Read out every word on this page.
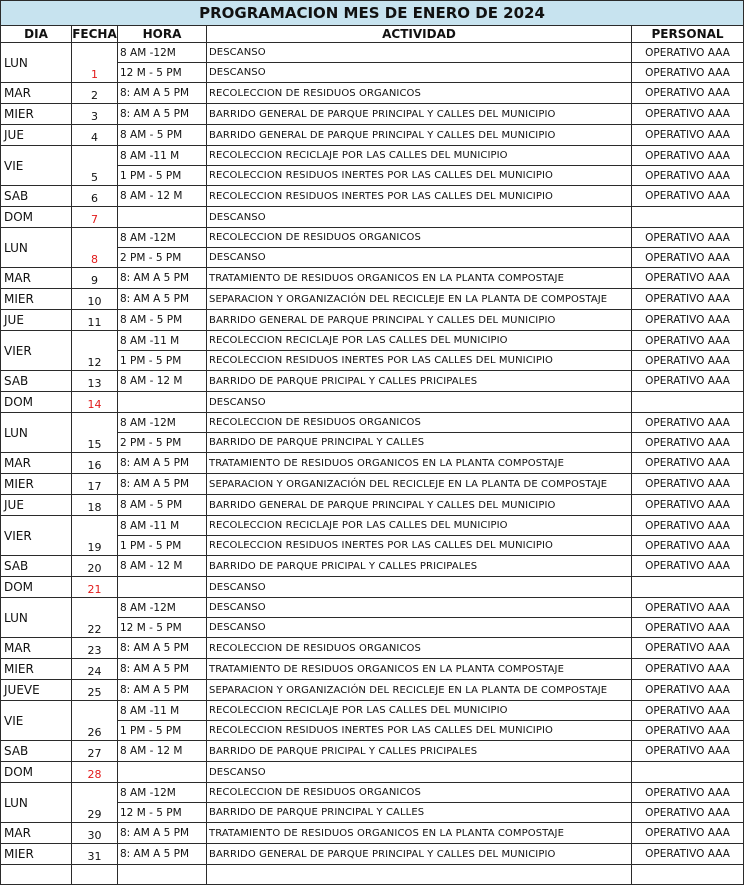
PROGRAMACION MES DE ENERO DE 2024				
DIA	FECHA	HORA	ACTIVIDAD	PERSONAL
LUN	1	8 AM -12M	DESCANSO	OPERATIVO AAA
		12 M - 5 PM	DESCANSO	OPERATIVO AAA
MAR	2	8: AM A 5 PM	RECOLECCION DE RESIDUOS ORGANICOS	OPERATIVO AAA
MIER	3	8: AM A 5 PM	BARRIDO GENERAL DE PARQUE PRINCIPAL Y CALLES DEL MUNICIPIO	OPERATIVO AAA
JUE	4	8 AM - 5 PM	BARRIDO GENERAL DE PARQUE PRINCIPAL Y CALLES DEL MUNICIPIO	OPERATIVO AAA
VIE	5	8 AM -11 M	RECOLECCION RECICLAJE POR LAS CALLES DEL MUNICIPIO	OPERATIVO AAA
		1 PM - 5 PM	RECOLECCION RESIDUOS INERTES POR LAS CALLES DEL MUNICIPIO	OPERATIVO AAA
SAB	6	8 AM - 12 M	RECOLECCION RESIDUOS INERTES POR LAS CALLES DEL MUNICIPIO	OPERATIVO AAA
DOM	7		DESCANSO	
LUN	8	8 AM -12M	RECOLECCION DE RESIDUOS ORGANICOS	OPERATIVO AAA
		2 PM - 5 PM	DESCANSO	OPERATIVO AAA
MAR	9	8: AM A 5 PM	TRATAMIENTO DE RESIDUOS ORGANICOS EN LA PLANTA COMPOSTAJE	OPERATIVO AAA
MIER	10	8: AM A 5 PM	SEPARACION Y ORGANIZACIÓN DEL RECICLEJE EN LA PLANTA DE COMPOSTAJE	OPERATIVO AAA
JUE	11	8 AM - 5 PM	BARRIDO GENERAL DE PARQUE PRINCIPAL Y CALLES DEL MUNICIPIO	OPERATIVO AAA
VIER	12	8 AM -11 M	RECOLECCION RECICLAJE POR LAS CALLES DEL MUNICIPIO	OPERATIVO AAA
		1 PM - 5 PM	RECOLECCION RESIDUOS INERTES POR LAS CALLES DEL MUNICIPIO	OPERATIVO AAA
SAB	13	8 AM - 12 M	BARRIDO DE PARQUE PRICIPAL Y CALLES PRICIPALES	OPERATIVO AAA
DOM	14		DESCANSO	
LUN	15	8 AM -12M	RECOLECCION DE RESIDUOS ORGANICOS	OPERATIVO AAA
		2 PM - 5 PM	BARRIDO DE PARQUE PRINCIPAL Y CALLES	OPERATIVO AAA
MAR	16	8: AM A 5 PM	TRATAMIENTO DE RESIDUOS ORGANICOS EN LA PLANTA COMPOSTAJE	OPERATIVO AAA
MIER	17	8: AM A 5 PM	SEPARACION Y ORGANIZACIÓN DEL RECICLEJE EN LA PLANTA DE COMPOSTAJE	OPERATIVO AAA
JUE	18	8 AM - 5 PM	BARRIDO GENERAL DE PARQUE PRINCIPAL Y CALLES DEL MUNICIPIO	OPERATIVO AAA
VIER	19	8 AM -11 M	RECOLECCION RECICLAJE POR LAS CALLES DEL MUNICIPIO	OPERATIVO AAA
		1 PM - 5 PM	RECOLECCION RESIDUOS INERTES POR LAS CALLES DEL MUNICIPIO	OPERATIVO AAA
SAB	20	8 AM - 12 M	BARRIDO DE PARQUE PRICIPAL Y CALLES PRICIPALES	OPERATIVO AAA
DOM	21		DESCANSO	
LUN	22	8 AM -12M	DESCANSO	OPERATIVO AAA
		12 M - 5 PM	DESCANSO	OPERATIVO AAA
MAR	23	8: AM A 5 PM	RECOLECCION DE RESIDUOS ORGANICOS	OPERATIVO AAA
MIER	24	8: AM A 5 PM	TRATAMIENTO DE RESIDUOS ORGANICOS EN LA PLANTA COMPOSTAJE	OPERATIVO AAA
JUEVE	25	8: AM A 5 PM	SEPARACION Y ORGANIZACIÓN DEL RECICLEJE EN LA PLANTA DE COMPOSTAJE	OPERATIVO AAA
VIE	26	8 AM -11 M	RECOLECCION RECICLAJE POR LAS CALLES DEL MUNICIPIO	OPERATIVO AAA
		1 PM - 5 PM	RECOLECCION RESIDUOS INERTES POR LAS CALLES DEL MUNICIPIO	OPERATIVO AAA
SAB	27	8 AM - 12 M	BARRIDO DE PARQUE PRICIPAL Y CALLES PRICIPALES	OPERATIVO AAA
DOM	28		DESCANSO	
LUN	29	8 AM -12M	RECOLECCION DE RESIDUOS ORGANICOS	OPERATIVO AAA
		12 M - 5 PM	BARRIDO DE PARQUE PRINCIPAL Y CALLES	OPERATIVO AAA
MAR	30	8: AM A 5 PM	TRATAMIENTO DE RESIDUOS ORGANICOS EN LA PLANTA COMPOSTAJE	OPERATIVO AAA
MIER	31	8: AM A 5 PM	BARRIDO GENERAL DE PARQUE PRINCIPAL Y CALLES DEL MUNICIPIO	OPERATIVO AAA
